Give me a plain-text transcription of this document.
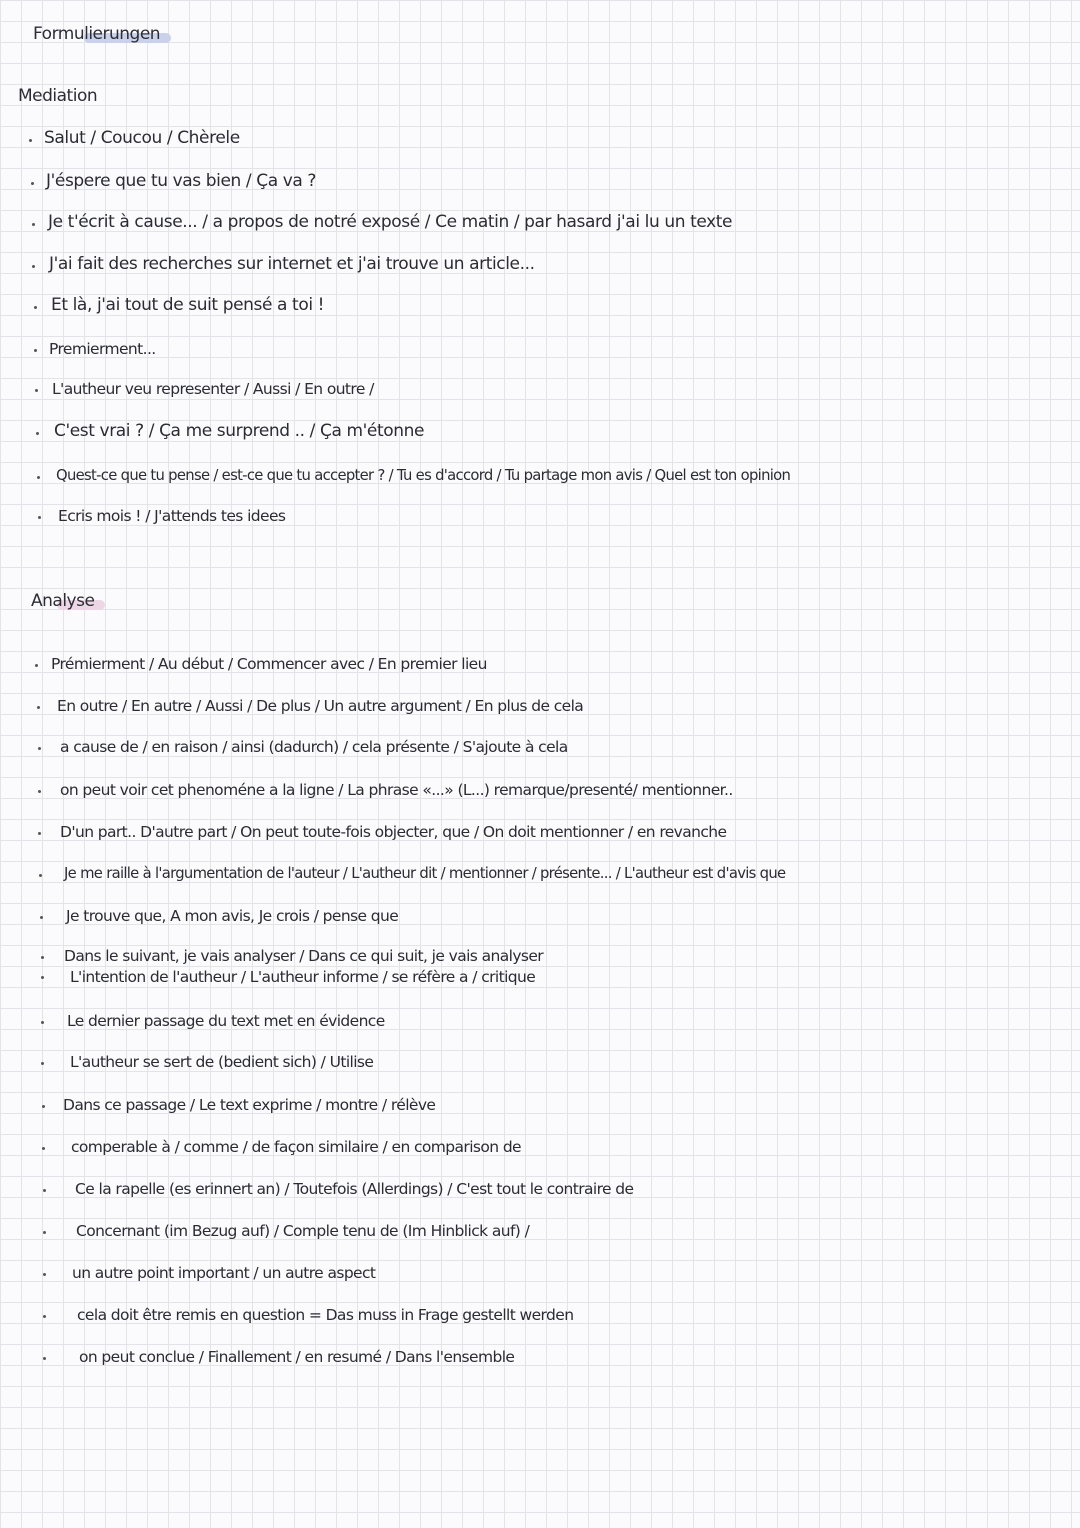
Formulierungen
Mediation
Salut / Coucou / Chèrele
J'éspere que tu vas bien / Ça va ?
Je t'écrit à cause... / a propos de notré exposé / Ce matin / par hasard j'ai lu un texte
J'ai fait des recherches sur internet et j'ai trouve un article...
Et là, j'ai tout de suit pensé a toi !
Premierment...
L'autheur veu representer / Aussi / En outre /
C'est vrai ? / Ça me surprend .. / Ça m'étonne
Quest-ce que tu pense / est-ce que tu accepter ? / Tu es d'accord / Tu partage mon avis / Quel est ton opinion
Ecris mois ! / J'attends tes idees
Analyse
Prémierment / Au début / Commencer avec / En premier lieu
En outre / En autre / Aussi / De plus / Un autre argument / En plus de cela
a cause de / en raison / ainsi (dadurch) / cela présente / S'ajoute à cela
on peut voir cet phenoméne a la ligne / La phrase «...» (L...) remarque/presenté/ mentionner..
D'un part.. D'autre part / On peut toute-fois objecter, que / On doit mentionner / en revanche
Je me raille à l'argumentation de l'auteur / L'autheur dit / mentionner / présente... / L'autheur est d'avis que
Je trouve que, A mon avis, Je crois / pense que
Dans le suivant, je vais analyser / Dans ce qui suit, je vais analyser
L'intention de l'autheur / L'autheur informe / se réfère a / critique
Le dernier passage du text met en évidence
L'autheur se sert de (bedient sich) / Utilise
Dans ce passage / Le text exprime / montre / rélève
comperable à / comme / de façon similaire / en comparison de
Ce la rapelle (es erinnert an) / Toutefois (Allerdings) / C'est tout le contraire de
Concernant (im Bezug auf) / Comple tenu de (Im Hinblick auf) /
un autre point important / un autre aspect
cela doit être remis en question = Das muss in Frage gestellt werden
on peut conclue / Finallement / en resumé / Dans l'ensemble
